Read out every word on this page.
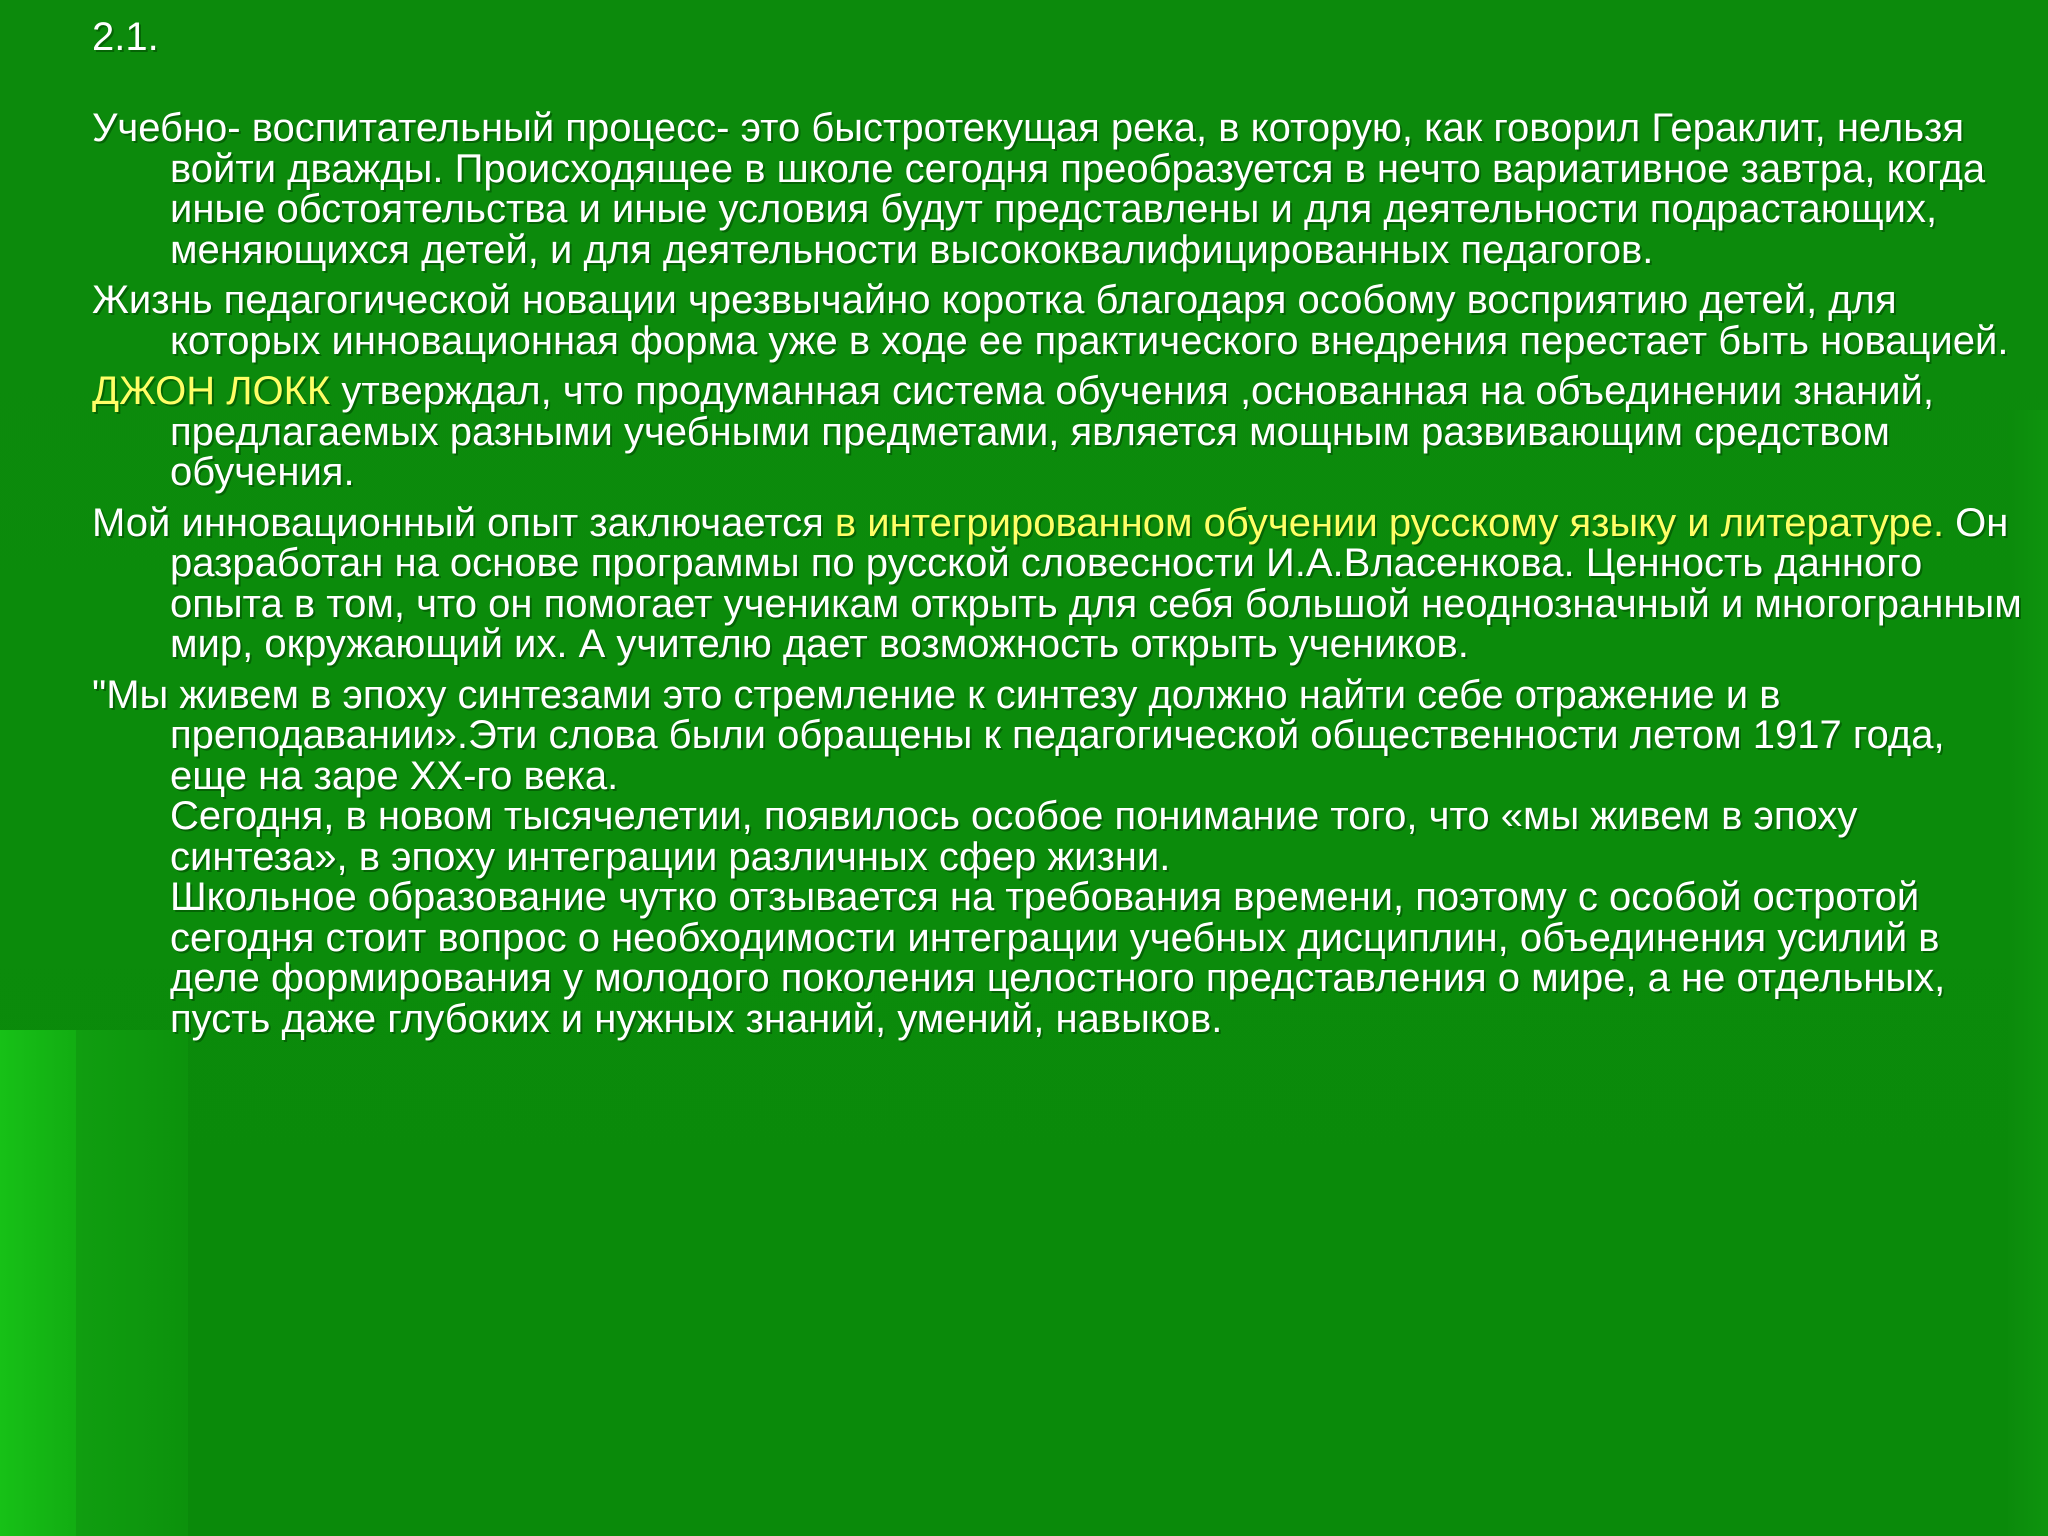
2.1.

Учебно- воспитательный процесс- это быстротекущая река, в которую, как говорил Гераклит, нельзя войти дважды. Происходящее в школе сегодня преобразуется в нечто вариативное завтра, когда иные обстоятельства и иные условия будут представлены и для деятельности подрастающих, меняющихся детей, и для деятельности высококвалифицированных педагогов.

Жизнь педагогической новации чрезвычайно коротка благодаря особому восприятию детей, для которых инновационная форма уже в ходе ее практического внедрения перестает быть новацией.

ДЖОН ЛОКК утверждал, что продуманная система обучения ,основанная на объединении знаний, предлагаемых разными учебными предметами, является мощным развивающим средством обучения.

Мой инновационный опыт заключается в интегрированном обучении русскому языку и литературе. Он разработан на основе программы по русской словесности И.А.Власенкова. Ценность данного опыта в том, что он помогает ученикам открыть для себя большой неоднозначный и многогранным мир, окружающий их. А учителю дает возможность открыть учеников.

"Мы живем в эпоху синтезами это стремление к синтезу должно найти себе отражение и в преподавании».Эти слова были обращены к педагогической общественности летом 1917 года, еще на заре XX-го века.
Сегодня, в новом тысячелетии, появилось особое понимание того, что «мы живем в эпоху синтеза», в эпоху интеграции различных сфер жизни.
Школьное образование чутко отзывается на требования времени, поэтому с особой остротой сегодня стоит вопрос о необходимости интеграции учебных дисциплин, объединения усилий в деле формирования у молодого поколения целостного представления о мире, а не отдельных, пусть даже глубоких и нужных знаний, умений, навыков.
